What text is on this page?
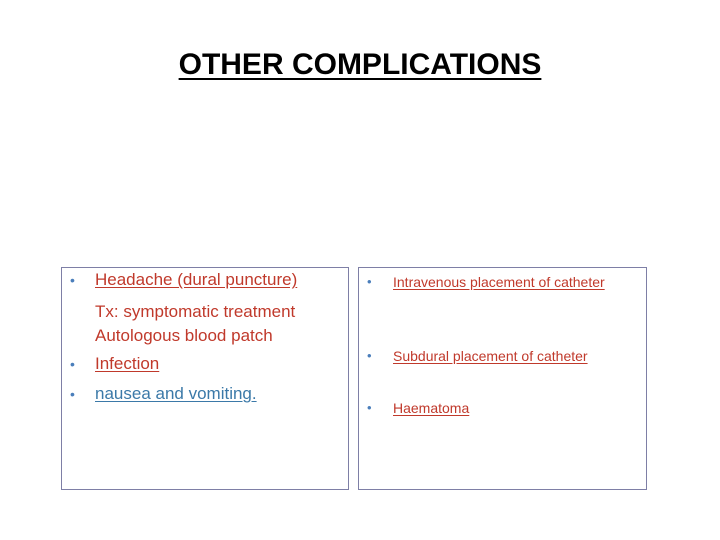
OTHER COMPLICATIONS
• Headache (dural puncture)
Tx: symptomatic treatment
Autologous blood patch
• Infection
• nausea and vomiting.
• Intravenous placement of catheter
• Subdural placement of catheter
• Haematoma
